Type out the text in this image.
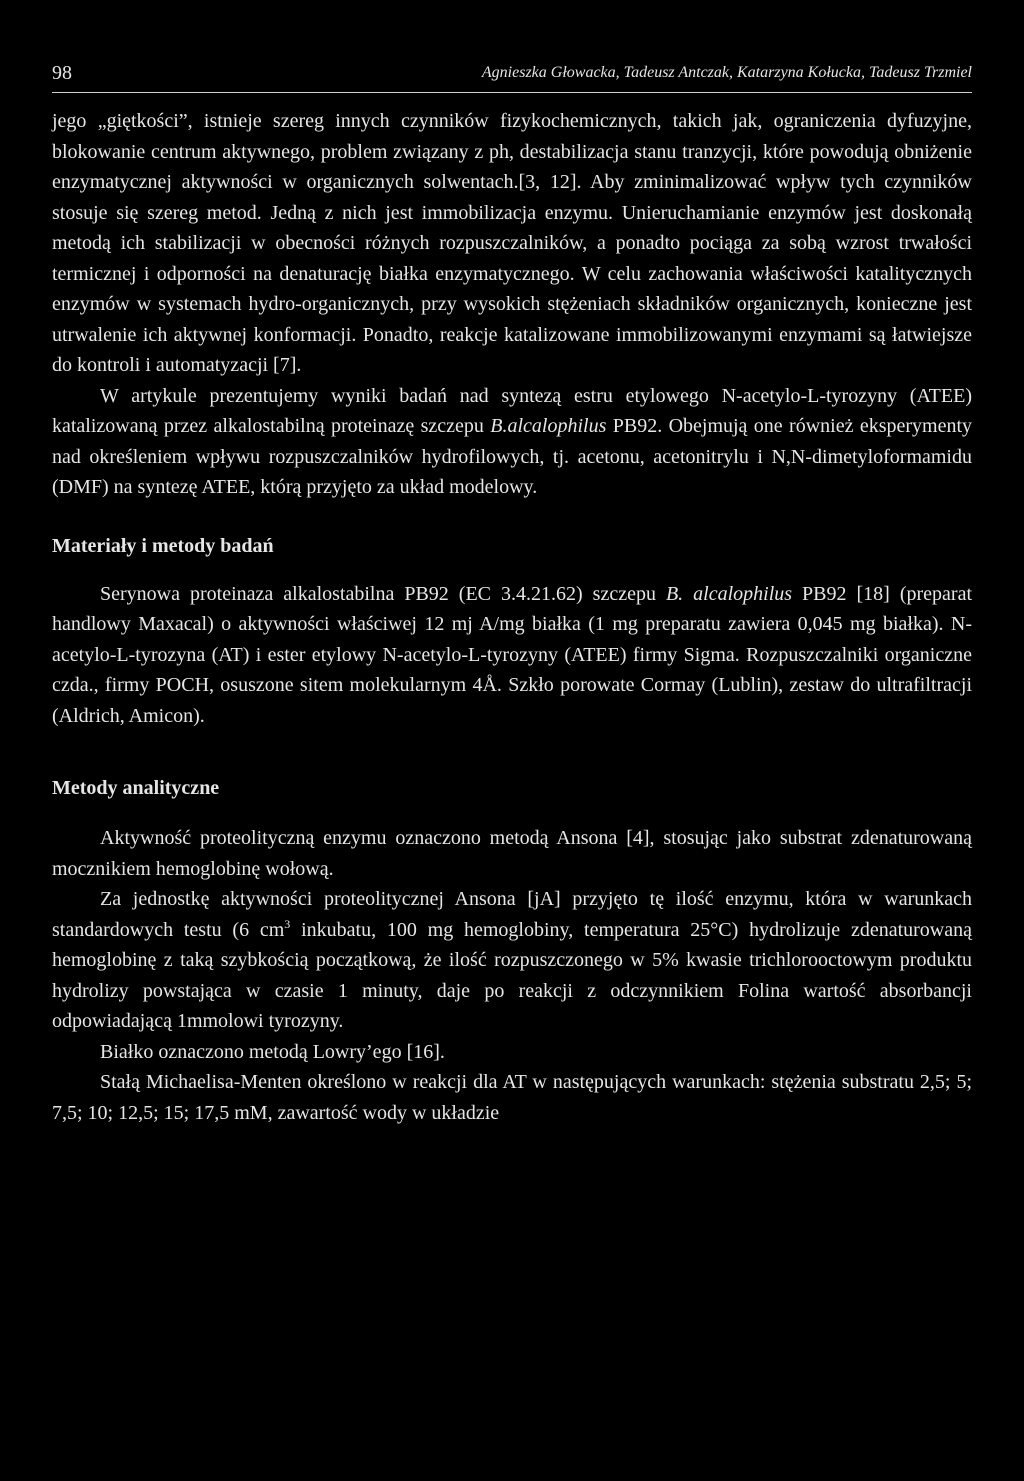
98	Agnieszka Głowacka, Tadeusz Antczak, Katarzyna Kołucka, Tadeusz Trzmiel

jego „giętkości”, istnieje szereg innych czynników fizykochemicznych, takich jak, ograniczenia dyfuzyjne, blokowanie centrum aktywnego, problem związany z ph, destabilizacja stanu tranzycji, które powodują obniżenie enzymatycznej aktywności w organicznych solwentach.[3, 12]. Aby zminimalizować wpływ tych czynników stosuje się szereg metod. Jedną z nich jest immobilizacja enzymu. Unieruchamianie enzymów jest doskonałą metodą ich stabilizacji w obecności różnych rozpuszczalników, a ponadto pociąga za sobą wzrost trwałości termicznej i odporności na denaturację białka enzymatycznego. W celu zachowania właściwości katalitycznych enzymów w systemach hydro-organicznych, przy wysokich stężeniach składników organicznych, konieczne jest utrwalenie ich aktywnej konformacji. Ponadto, reakcje katalizowane immobilizowanymi enzymami są łatwiejsze do kontroli i automatyzacji [7].

W artykule prezentujemy wyniki badań nad syntezą estru etylowego N-acetylo-L-tyrozyny (ATEE) katalizowaną przez alkalostabilną proteinazę szczepu B.alcalophilus PB92. Obejmują one również eksperymenty nad określeniem wpływu rozpuszczalników hydrofilowych, tj. acetonu, acetonitrylu i N,N-dimetyloformamidu (DMF) na syntezę ATEE, którą przyjęto za układ modelowy.

Materiały i metody badań

Serynowa proteinaza alkalostabilna PB92 (EC 3.4.21.62) szczepu B. alcalophilus PB92 [18] (preparat handlowy Maxacal) o aktywności właściwej 12 mj A/mg białka (1 mg preparatu zawiera 0,045 mg białka). N-acetylo-L-tyrozyna (AT) i ester etylowy N-acetylo-L-tyrozyny (ATEE) firmy Sigma. Rozpuszczalniki organiczne czda., firmy POCH, osuszone sitem molekularnym 4Å. Szkło porowate Cormay (Lublin), zestaw do ultrafiltracji (Aldrich, Amicon).

Metody analityczne

Aktywność proteolityczną enzymu oznaczono metodą Ansona [4], stosując jako substrat zdenaturowaną mocznikiem hemoglobinę wołową.

Za jednostkę aktywności proteolitycznej Ansona [jA] przyjęto tę ilość enzymu, która w warunkach standardowych testu (6 $cm^3$ inkubatu, 100 mg hemoglobiny, temperatura 25°C) hydrolizuje zdenaturowaną hemoglobinę z taką szybkością początkową, że ilość rozpuszczonego w 5% kwasie trichlorooctowym produktu hydrolizy powstająca w czasie 1 minuty, daje po reakcji z odczynnikiem Folina wartość absorbancji odpowiadającą 1mmolowi tyrozyny.

Białko oznaczono metodą Lowry’ego [16].

Stałą Michaelisa-Menten określono w reakcji dla AT w następujących warunkach: stężenia substratu 2,5; 5; 7,5; 10; 12,5; 15; 17,5 mM, zawartość wody w układzie
